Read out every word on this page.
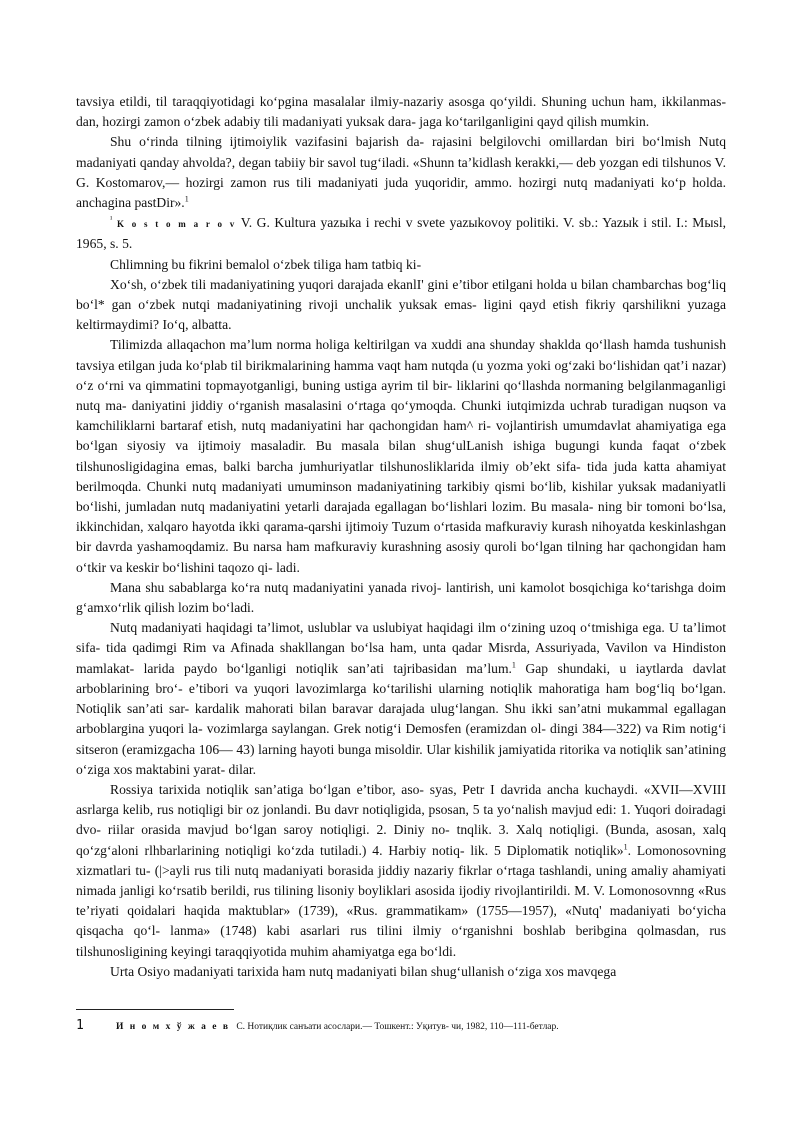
tavsiya etildi, til taraqqiyotidagi ko‘pgina masalalar ilmiy-nazariy asosga qo‘yildi. Shuning uchun ham, ikkilanmas- dan, hozirgi zamon o‘zbek adabiy tili madaniyati yuksak dara- jaga ko‘tarilganligini qayd qilish mumkin.

Shu o‘rinda tilning ijtimoiylik vazifasini bajarish da- rajasini belgilovchi omillardan biri bo‘lmish Nutq madaniyati qanday ahvolda?, degan tabiiy bir savol tug‘iladi. «Shunn ta’kidlash kerakki,— deb yozgan edi tilshunos V. G. Kostomarov,— hozirgi zamon rus tili madaniyati juda yuqoridir, ammo. hozirgi nutq madaniyati ko‘p holda. anchagina pastDir».$^1$

$^{^1}$ K o s t o m a r o v V. G. Kultura yazыka i rechi v svete yazыkovoy politiki. V. sb.: Yazыk i stil. I.: Mыsl, 1965, s. 5.

Chlimning bu fikrini bemalol o‘zbek tiliga ham tatbiq ki-

Xo‘sh, o‘zbek tili madaniyatining yuqori darajada ekanlI' gini e’tibor etilgani holda u bilan chambarchas bog‘liq bo‘l* gan o‘zbek nutqi madaniyatining rivoji unchalik yuksak emas- ligini qayd etish fikriy qarshilikni yuzaga keltirmaydimi? Io‘q, albatta.

Tilimizda allaqachon ma’lum norma holiga keltirilgan va xuddi ana shunday shaklda qo‘llash hamda tushunish tavsiya etilgan juda ko‘plab til birikmalarining hamma vaqt ham nutqda (u yozma yoki og‘zaki bo‘lishidan qat’i nazar) o‘z o‘rni va qimmatini topmayotganligi, buning ustiga ayrim til bir- liklarini qo‘llashda normaning belgilanmaganligi nutq ma- daniyatini jiddiy o‘rganish masalasini o‘rtaga qo‘ymoqda. Chunki iutqimizda uchrab turadigan nuqson va kamchiliklarni bartaraf etish, nutq madaniyatini har qachongidan ham^ ri- vojlantirish umumdavlat ahamiyatiga ega bo‘lgan siyosiy va ijtimoiy masaladir. Bu masala bilan shug‘ulLanish ishiga bugungi kunda faqat o‘zbek tilshunosligidagina emas, balki barcha jumhuriyatlar tilshunosliklarida ilmiy ob’ekt sifa- tida juda katta ahamiyat berilmoqda. Chunki nutq madaniyati umuminson madaniyatining tarkibiy qismi bo‘lib, kishilar yuksak madaniyatli bo‘lishi, jumladan nutq madaniyatini yetarli darajada egallagan bo‘lishlari lozim. Bu masala- ning bir tomoni bo‘lsa, ikkinchidan, xalqaro hayotda ikki qarama-qarshi ijtimoiy Tuzum o‘rtasida mafkuraviy kurash nihoyatda keskinlashgan bir davrda yashamoqdamiz. Bu narsa ham mafkuraviy kurashning asosiy quroli bo‘lgan tilning har qachongidan ham o‘tkir va keskir bo‘lishini taqozo qi- ladi.

Mana shu sabablarga ko‘ra nutq madaniyatini yanada rivoj- lantirish, uni kamolot bosqichiga ko‘tarishga doim g‘amxo‘rlik qilish lozim bo‘ladi.

Nutq madaniyati haqidagi ta’limot, uslublar va uslubiyat haqidagi ilm o‘zining uzoq o‘tmishiga ega. U ta’limot sifa- tida qadimgi Rim va Afinada shakllangan bo‘lsa ham, unta qadar Misrda, Assuriyada, Vavilon va Hindiston mamlakat- larida paydo bo‘lganligi notiqlik san’ati tajribasidan ma’lum.$^1$ Gap shundaki, u iaytlarda davlat arboblarining bro‘- e’tibori va yuqori lavozimlarga ko‘tarilishi ularning notiqlik mahoratiga ham bog‘liq bo‘lgan. Notiqlik san’ati sar- kardalik mahorati bilan baravar darajada ulug‘langan. Shu ikki san’atni mukammal egallagan arboblargina yuqori la- vozimlarga saylangan. Grek notig‘i Demosfen (eramizdan ol- dingi 384—322) va Rim notig‘i sitseron (eramizgacha 106— 43) larning hayoti bunga misoldir. Ular kishilik jamiyatida ritorika va notiqlik san’atining o‘ziga xos maktabini yarat- dilar.

Rossiya tarixida notiqlik san’atiga bo‘lgan e’tibor, aso- syas, Petr I davrida ancha kuchaydi. «XVII—XVIII asrlarga kelib, rus notiqligi bir oz jonlandi. Bu davr notiqligida, psosan, 5 ta yo‘nalish mavjud edi: 1. Yuqori doiradagi dvo- riilar orasida mavjud bo‘lgan saroy notiqligi. 2. Diniy no- tnqlik. 3. Xalq notiqligi. (Bunda, asosan, xalq qo‘zg‘aloni rlhbarlarining notiqligi ko‘zda tutiladi.) 4. Harbiy notiq- lik. 5 Diplomatik notiqlik»$^1$. Lomonosovning xizmatlari tu- (|>ayli rus tili nutq madaniyati borasida jiddiy nazariy fikrlar o‘rtaga tashlandi, uning amaliy ahamiyati nimada janligi ko‘rsatib berildi, rus tilining lisoniy boyliklari asosida ijodiy rivojlantirildi. M. V. Lomonosovnng «Rus te’riyati qoidalari haqida maktublar» (1739), «Rus. grammatikam» (1755—1957), «Nutq' madaniyati bo‘yicha qisqacha qo‘l- lanma» (1748) kabi asarlari rus tilini ilmiy o‘rganishni boshlab beribgina qolmasdan, rus tilshunosligining keyingi taraqqiyotida muhim ahamiyatga ega bo‘ldi.

Urta Osiyo madaniyati tarixida ham nutq madaniyati bilan shug‘ullanish o‘ziga xos mavqega

1	И н о м х ў ж а е в С. Нотиқлик санъати асослари.— Тошкент.: Уқитув- чи, 1982, 110—111-бетлар.
